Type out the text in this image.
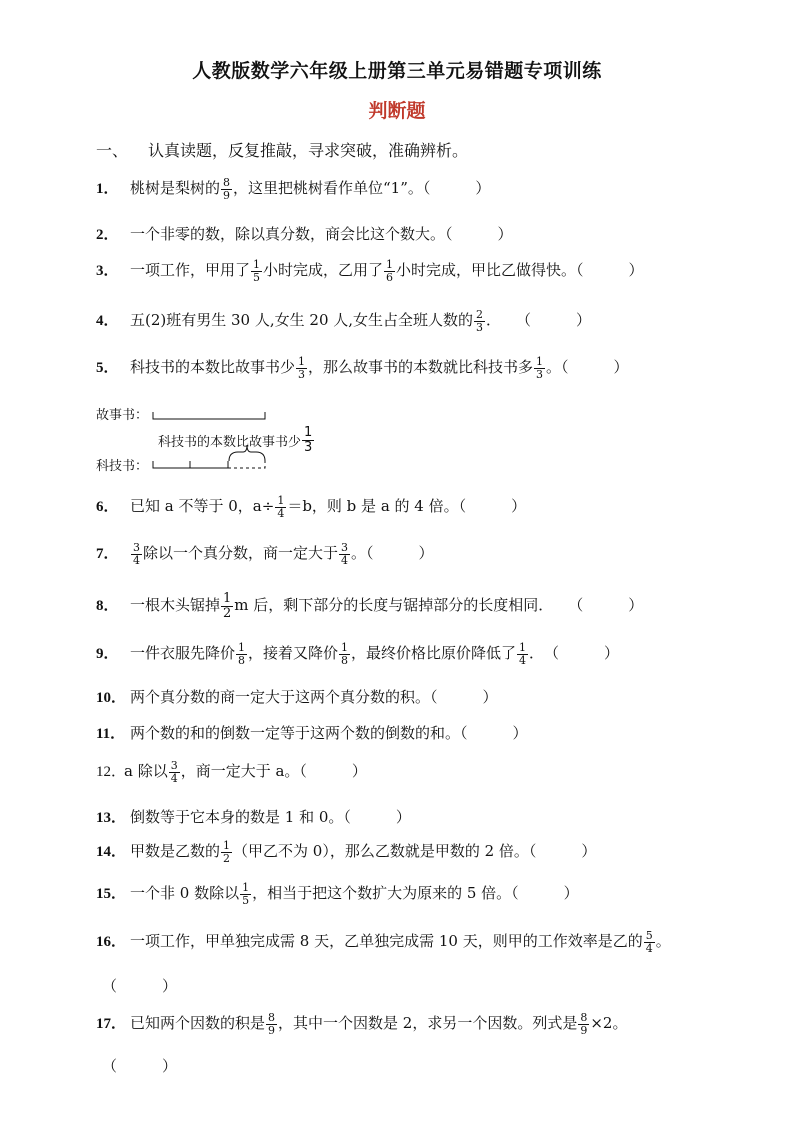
人教版数学六年级上册第三单元易错题专项训练
判断题
一、 认真读题，反复推敲，寻求突破，准确辨析。
1． 桃树是梨树的 $\frac{8}{9}$ ，这里把桃树看作单位“1”。（　　　）
2． 一个非零的数，除以真分数，商会比这个数大。（　　　）
3． 一项工作，甲用了 $\frac{1}{5}$ 小时完成，乙用了 $\frac{1}{6}$ 小时完成，甲比乙做得快。（　　　）
4． 五(2)班有男生 30 人,女生 20 人,女生占全班人数的 $\frac{2}{3}$ ．　　（　　　）
5． 科技书的本数比故事书少 $\frac{1}{3}$ ，那么故事书的本数就比科技书多 $\frac{1}{3}$ 。（　　　）
故事书：
科技书：
科技书的本数比故事书少 $\frac{1}{3}$
6． 已知 a 不等于 0，$a\div \frac{1}{4} =b$，则 b 是 a 的 4 倍。（　　　）
7． $\frac{3}{4}$ 除以一个真分数，商一定大于 $\frac{3}{4}$ 。（　　　）
8． 一根木头锯掉 $\frac{1}{2}$ m 后，剩下部分的长度与锯掉部分的长度相同．　　（　　　）
9． 一件衣服先降价 $\frac{1}{8}$ ，接着又降价 $\frac{1}{8}$ ，最终价格比原价降低了 $\frac{1}{4}$ ．　（　　　）
10． 两个真分数的商一定大于这两个真分数的积。（　　　）
11． 两个数的和的倒数一定等于这两个数的倒数的和。（　　　）
12．a 除以 $\frac{3}{4}$ ，商一定大于 a。（　　　）
13． 倒数等于它本身的数是 1 和 0。（　　　）
14． 甲数是乙数的 $\frac{1}{2}$ （甲乙不为 0），那么乙数就是甲数的 2 倍。（　　　）
15． 一个非 0 数除以 $\frac{1}{5}$ ，相当于把这个数扩大为原来的 5 倍。（　　　）
16． 一项工作，甲单独完成需 8 天，乙单独完成需 10 天，则甲的工作效率是乙的 $\frac{5}{4}$ 。
（　　　）
17． 已知两个因数的积是 $\frac{8}{9}$ ，其中一个因数是 2，求另一个因数。列式是 $\frac{8}{9} \times 2$。
（　　　）
